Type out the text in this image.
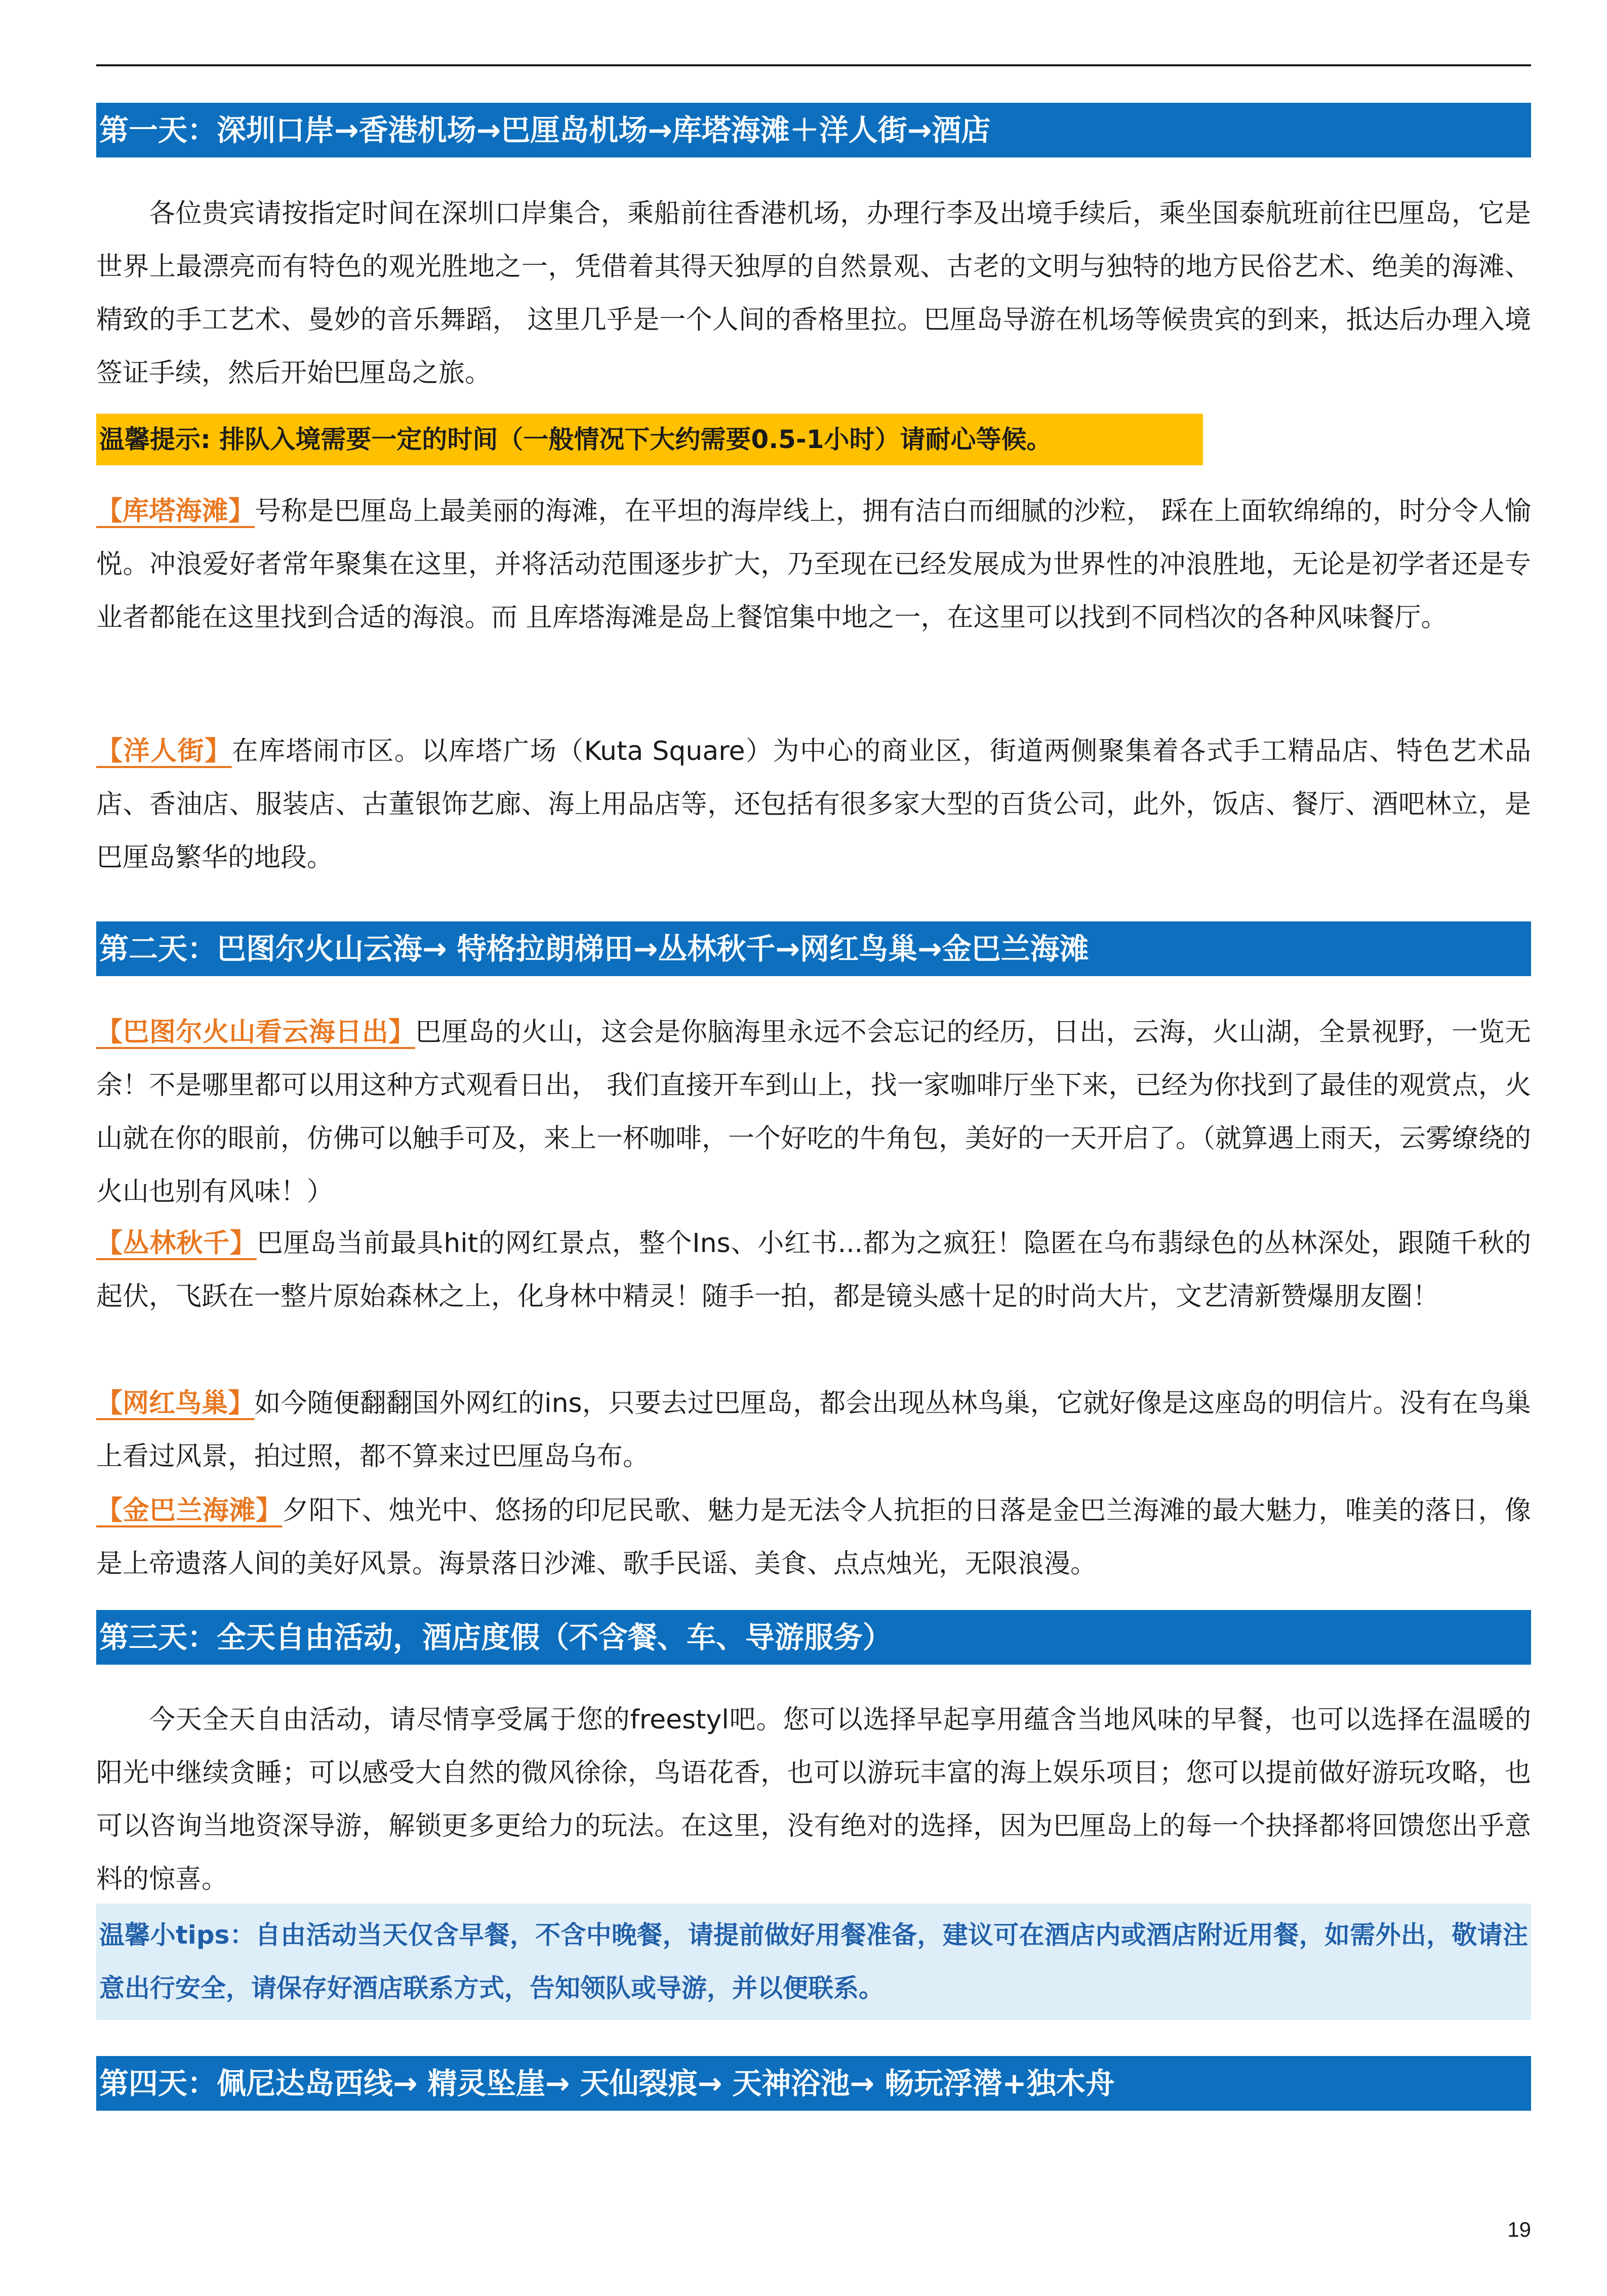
第一天：深圳口岸→香港机场→巴厘岛机场→库塔海滩＋洋人街→酒店

各位贵宾请按指定时间在深圳口岸集合，乘船前往香港机场，办理行李及出境手续后，乘坐国泰航班前往巴厘岛，它是世界上最漂亮而有特色的观光胜地之一，凭借着其得天独厚的自然景观、古老的文明与独特的地方民俗艺术、绝美的海滩、精致的手工艺术、曼妙的音乐舞蹈， 这里几乎是一个人间的香格里拉。巴厘岛导游在机场等候贵宾的到来，抵达后办理入境签证手续，然后开始巴厘岛之旅。

温馨提示: 排队入境需要一定的时间（一般情况下大约需要0.5-1小时）请耐心等候。

【库塔海滩】号称是巴厘岛上最美丽的海滩，在平坦的海岸线上，拥有洁白而细腻的沙粒， 踩在上面软绵绵的，时分令人愉悦。冲浪爱好者常年聚集在这里，并将活动范围逐步扩大，乃至现在已经发展成为世界性的冲浪胜地，无论是初学者还是专业者都能在这里找到合适的海浪。而 且库塔海滩是岛上餐馆集中地之一，在这里可以找到不同档次的各种风味餐厅。

【洋人街】在库塔闹市区。以库塔广场（Kuta Square）为中心的商业区，街道两侧聚集着各式手工精品店、特色艺术品店、香油店、服装店、古董银饰艺廊、海上用品店等，还包括有很多家大型的百货公司，此外，饭店、餐厅、酒吧林立，是巴厘岛繁华的地段。

第二天：巴图尔火山云海→ 特格拉朗梯田→丛林秋千→网红鸟巢→金巴兰海滩

【巴图尔火山看云海日出】巴厘岛的火山，这会是你脑海里永远不会忘记的经历，日出，云海，火山湖，全景视野，一览无余！不是哪里都可以用这种方式观看日出， 我们直接开车到山上，找一家咖啡厅坐下来，已经为你找到了最佳的观赏点，火山就在你的眼前，仿佛可以触手可及，来上一杯咖啡，一个好吃的牛角包，美好的一天开启了。（就算遇上雨天，云雾缭绕的火山也别有风味！）

【丛林秋千】巴厘岛当前最具hit的网红景点，整个Ins、小红书...都为之疯狂！隐匿在乌布翡绿色的丛林深处，跟随千秋的起伏，飞跃在一整片原始森林之上，化身林中精灵！随手一拍，都是镜头感十足的时尚大片，文艺清新赞爆朋友圈！

【网红鸟巢】如今随便翻翻国外网红的ins，只要去过巴厘岛，都会出现丛林鸟巢，它就好像是这座岛的明信片。没有在鸟巢上看过风景，拍过照，都不算来过巴厘岛乌布。

【金巴兰海滩】夕阳下、烛光中、悠扬的印尼民歌、魅力是无法令人抗拒的日落是金巴兰海滩的最大魅力，唯美的落日，像是上帝遗落人间的美好风景。海景落日沙滩、歌手民谣、美食、点点烛光，无限浪漫。

第三天：全天自由活动，酒店度假（不含餐、车、导游服务）

今天全天自由活动，请尽情享受属于您的freestyl吧。您可以选择早起享用蕴含当地风味的早餐，也可以选择在温暖的阳光中继续贪睡；可以感受大自然的微风徐徐，鸟语花香，也可以游玩丰富的海上娱乐项目；您可以提前做好游玩攻略，也可以咨询当地资深导游，解锁更多更给力的玩法。在这里，没有绝对的选择，因为巴厘岛上的每一个抉择都将回馈您出乎意料的惊喜。

温馨小tips：自由活动当天仅含早餐，不含中晚餐，请提前做好用餐准备，建议可在酒店内或酒店附近用餐，如需外出，敬请注意出行安全，请保存好酒店联系方式，告知领队或导游，并以便联系。
第四天：佩尼达岛西线→ 精灵坠崖→ 天仙裂痕→ 天神浴池→ 畅玩浮潜+独木舟
19
